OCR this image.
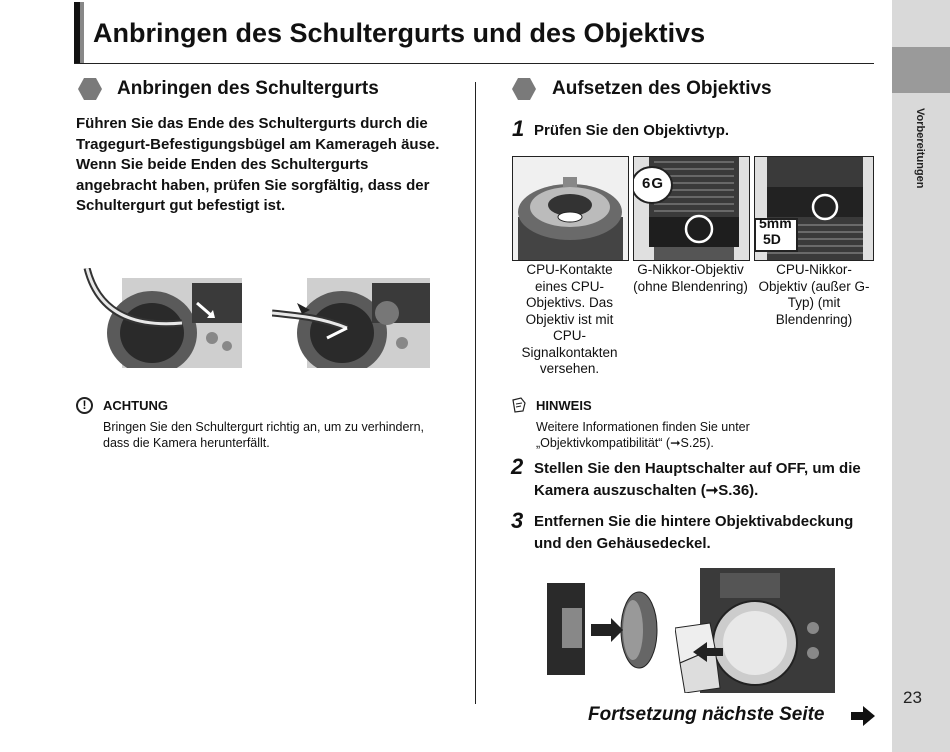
Anbringen des Schultergurts und des Objektivs
Vorbereitungen
Anbringen des Schultergurts
Führen Sie das Ende des Schultergurts durch die Tragegurt-Befestigungsbügel am Kamerageh äuse. Wenn Sie beide Enden des Schultergurts angebracht haben, prüfen Sie sorgfältig, dass der Schultergurt gut befestigt ist.
!	ACHTUNG
Bringen Sie den Schultergurt richtig an, um zu verhindern, dass die Kamera herunterfällt.
Aufsetzen des Objektivs
1 Prüfen Sie den Objektivtyp.
6G
5mm
5D
CPU-Kontakte eines CPU-Objektivs. Das Objektiv ist mit CPU-Signalkontakten versehen.
G-Nikkor-Objektiv (ohne Blendenring)
CPU-Nikkor-Objektiv (außer G-Typ) (mit Blendenring)
HINWEIS
Weitere Informationen finden Sie unter „Objektivkompatibilität“ (➞S.25).
2 Stellen Sie den Hauptschalter auf OFF, um die Kamera auszuschalten (➞S.36).
3 Entfernen Sie die hintere Objektivabdeckung und den Gehäusedeckel.
Fortsetzung nächste Seite
23
